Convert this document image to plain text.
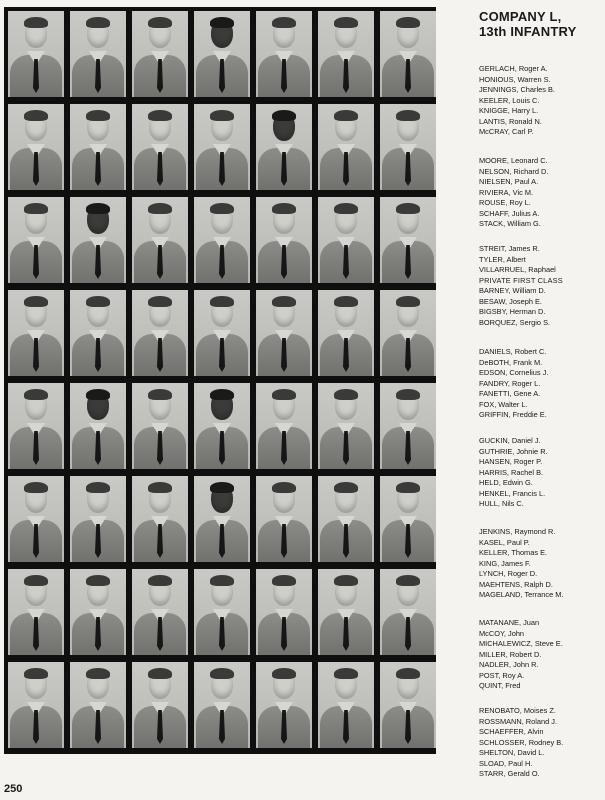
COMPANY L,
13th INFANTRY
GERLACH, Roger A.
HONIOUS, Warren S.
JENNINGS, Charles B.
KEELER, Louis C.
KNIGGE, Harry L.
LANTIS, Ronald N.
McCRAY, Carl P.
MOORE, Leonard C.
NELSON, Richard D.
NIELSEN, Paul A.
RIVIERA, Vic M.
ROUSE, Roy L.
SCHAFF, Julius A.
STACK, William G.
STREIT, James R.
TYLER, Albert
VILLARRUEL, Raphael
PRIVATE FIRST CLASS
BARNEY, William D.
BESAW, Joseph E.
BIGSBY, Herman D.
BORQUEZ, Sergio S.
DANIELS, Robert C.
DeBOTH, Frank M.
EDSON, Cornelius J.
FANDRY, Roger L.
FANETTI, Gene A.
FOX, Walter L.
GRIFFIN, Freddie E.
GUCKIN, Daniel J.
GUTHRIE, Johnie R.
HANSEN, Roger P.
HARRIS, Rachel B.
HELD, Edwin G.
HENKEL, Francis L.
HULL, Nils C.
JENKINS, Raymond R.
KASEL, Paul P.
KELLER, Thomas E.
KING, James F.
LYNCH, Roger D.
MAEHTENS, Ralph D.
MAGELAND, Terrance M.
MATANANE, Juan
McCOY, John
MICHALEWICZ, Steve E.
MILLER, Robert D.
NADLER, John R.
POST, Roy A.
QUINT, Fred
RENOBATO, Moises Z.
ROSSMANN, Roland J.
SCHAEFFER, Alvin
SCHLOSSER, Rodney B.
SHELTON, David L.
SLOAD, Paul H.
STARR, Gerald O.
250
